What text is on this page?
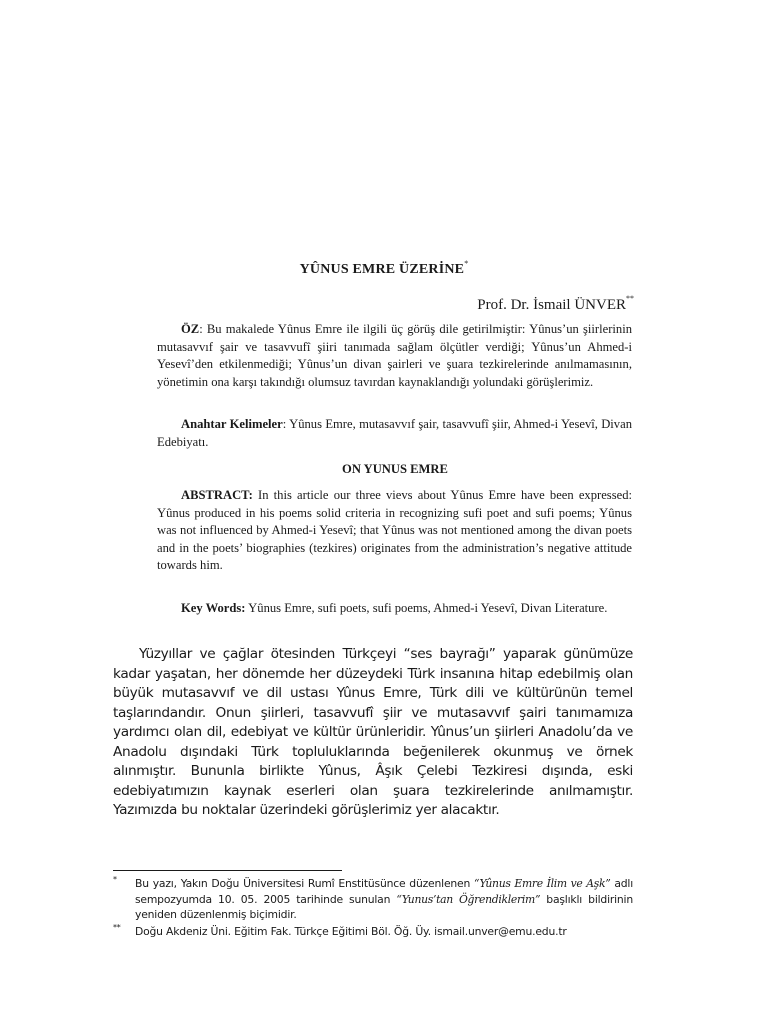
YÛNUS EMRE ÜZERİNE*
Prof. Dr. İsmail ÜNVER**
ÖZ: Bu makalede Yûnus Emre ile ilgili üç görüş dile getirilmiştir: Yûnus’un şiirlerinin mutasavvıf şair ve tasavvufî şiiri tanımada sağlam ölçütler verdiği; Yûnus’un Ahmed-i Yesevî’den etkilenmediği; Yûnus’un divan şairleri ve şuara tezkirelerinde anılmamasının, yönetimin ona karşı takındığı olumsuz tavırdan kaynaklandığı yolundaki görüşlerimiz.
Anahtar Kelimeler: Yûnus Emre, mutasavvıf şair, tasavvufî şiir, Ahmed-i Yesevî, Divan Edebiyatı.
ON YUNUS EMRE
ABSTRACT: In this article our three vievs about Yûnus Emre have been expressed: Yûnus produced in his poems solid criteria in recognizing sufi poet and sufi poems; Yûnus was not influenced by Ahmed-i Yesevî; that Yûnus was not mentioned among the divan poets and in the poets’ biographies (tezkires) originates from the administration’s negative attitude towards him.
Key Words: Yûnus Emre, sufi poets, sufi poems, Ahmed-i Yesevî, Divan Literature.
Yüzyıllar ve çağlar ötesinden Türkçeyi “ses bayrağı” yaparak günümüze kadar yaşatan, her dönemde her düzeydeki Türk insanına hitap edebilmiş olan büyük mutasavvıf ve dil ustası Yûnus Emre, Türk dili ve kültürünün temel taşlarındandır. Onun şiirleri, tasavvufî şiir ve mutasavvıf şairi tanımamıza yardımcı olan dil, edebiyat ve kültür ürünleridir. Yûnus’un şiirleri Anadolu’da ve Anadolu dışındaki Türk topluluklarında beğenilerek okunmuş ve örnek alınmıştır. Bununla birlikte Yûnus, Âşık Çelebi Tezkiresi dışında, eski edebiyatımızın kaynak eserleri olan şuara tezkirelerinde anılmamıştır. Yazımızda bu noktalar üzerindeki görüşlerimiz yer alacaktır.
* Bu yazı, Yakın Doğu Üniversitesi Rumî Enstitüsünce düzenlenen “Yûnus Emre İlim ve Aşk” adlı sempozyumda 10. 05. 2005 tarihinde sunulan “Yunus’tan Öğrendiklerim” başlıklı bildirinin yeniden düzenlenmiş biçimidir.
** Doğu Akdeniz Üni. Eğitim Fak. Türkçe Eğitimi Böl. Öğ. Üy. ismail.unver@emu.edu.tr
